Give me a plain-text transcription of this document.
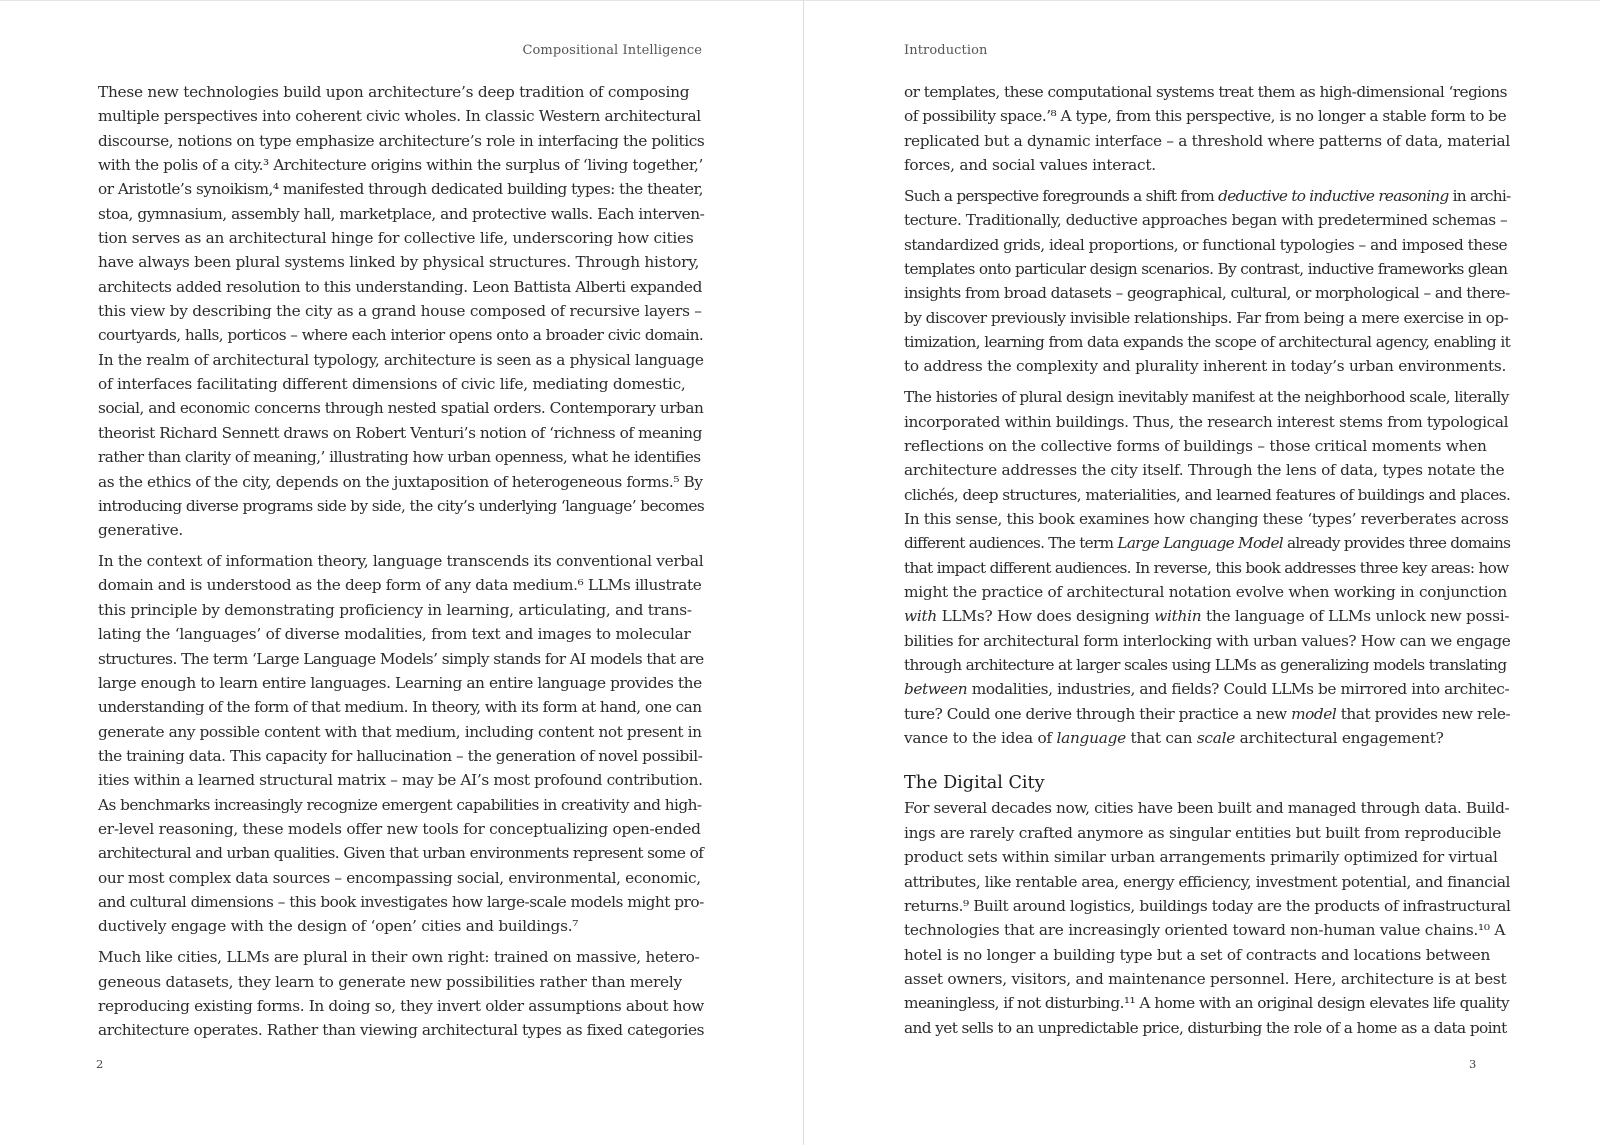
Compositional Intelligence
These new technologies build upon architecture’s deep tradition of composing
multiple perspectives into coherent civic wholes. In classic Western architectural
discourse, notions on type emphasize architecture’s role in interfacing the politics
with the polis of a city.³ Architecture origins within the surplus of ‘living together,’
or Aristotle’s synoikism,⁴ manifested through dedicated building types: the theater,
stoa, gymnasium, assembly hall, marketplace, and protective walls. Each interven-
tion serves as an architectural hinge for collective life, underscoring how cities
have always been plural systems linked by physical structures. Through history,
architects added resolution to this understanding. Leon Battista Alberti expanded
this view by describing the city as a grand house composed of recursive layers –
courtyards, halls, porticos – where each interior opens onto a broader civic domain.
In the realm of architectural typology, architecture is seen as a physical language
of interfaces facilitating different dimensions of civic life, mediating domestic,
social, and economic concerns through nested spatial orders. Contemporary urban
theorist Richard Sennett draws on Robert Venturi’s notion of ‘richness of meaning
rather than clarity of meaning,’ illustrating how urban openness, what he identifies
as the ethics of the city, depends on the juxtaposition of heterogeneous forms.⁵ By
introducing diverse programs side by side, the city’s underlying ‘language’ becomes
generative.
In the context of information theory, language transcends its conventional verbal
domain and is understood as the deep form of any data medium.⁶ LLMs illustrate
this principle by demonstrating proficiency in learning, articulating, and trans-
lating the ‘languages’ of diverse modalities, from text and images to molecular
structures. The term ‘Large Language Models’ simply stands for AI models that are
large enough to learn entire languages. Learning an entire language provides the
understanding of the form of that medium. In theory, with its form at hand, one can
generate any possible content with that medium, including content not present in
the training data. This capacity for hallucination – the generation of novel possibil-
ities within a learned structural matrix – may be AI’s most profound contribution.
As benchmarks increasingly recognize emergent capabilities in creativity and high-
er-level reasoning, these models offer new tools for conceptualizing open-ended
architectural and urban qualities. Given that urban environments represent some of
our most complex data sources – encompassing social, environmental, economic,
and cultural dimensions – this book investigates how large-scale models might pro-
ductively engage with the design of ‘open’ cities and buildings.⁷
Much like cities, LLMs are plural in their own right: trained on massive, hetero-
geneous datasets, they learn to generate new possibilities rather than merely
reproducing existing forms. In doing so, they invert older assumptions about how
architecture operates. Rather than viewing architectural types as fixed categories
2
Introduction
or templates, these computational systems treat them as high-dimensional ‘regions
of possibility space.’⁸ A type, from this perspective, is no longer a stable form to be
replicated but a dynamic interface – a threshold where patterns of data, material
forces, and social values interact.
Such a perspective foregrounds a shift from deductive to inductive reasoning in archi-
tecture. Traditionally, deductive approaches began with predetermined schemas –
standardized grids, ideal proportions, or functional typologies – and imposed these
templates onto particular design scenarios. By contrast, inductive frameworks glean
insights from broad datasets – geographical, cultural, or morphological – and there-
by discover previously invisible relationships. Far from being a mere exercise in op-
timization, learning from data expands the scope of architectural agency, enabling it
to address the complexity and plurality inherent in today’s urban environments.
The histories of plural design inevitably manifest at the neighborhood scale, literally
incorporated within buildings. Thus, the research interest stems from typological
reflections on the collective forms of buildings – those critical moments when
architecture addresses the city itself. Through the lens of data, types notate the
clichés, deep structures, materialities, and learned features of buildings and places.
In this sense, this book examines how changing these ‘types’ reverberates across
different audiences. The term Large Language Model already provides three domains
that impact different audiences. In reverse, this book addresses three key areas: how
might the practice of architectural notation evolve when working in conjunction
with LLMs? How does designing within the language of LLMs unlock new possi-
bilities for architectural form interlocking with urban values? How can we engage
through architecture at larger scales using LLMs as generalizing models translating
between modalities, industries, and fields? Could LLMs be mirrored into architec-
ture? Could one derive through their practice a new model that provides new rele-
vance to the idea of language that can scale architectural engagement?
The Digital City
For several decades now, cities have been built and managed through data. Build-
ings are rarely crafted anymore as singular entities but built from reproducible
product sets within similar urban arrangements primarily optimized for virtual
attributes, like rentable area, energy efficiency, investment potential, and financial
returns.⁹ Built around logistics, buildings today are the products of infrastructural
technologies that are increasingly oriented toward non-human value chains.¹⁰ A
hotel is no longer a building type but a set of contracts and locations between
asset owners, visitors, and maintenance personnel. Here, architecture is at best
meaningless, if not disturbing.¹¹ A home with an original design elevates life quality
and yet sells to an unpredictable price, disturbing the role of a home as a data point
3
